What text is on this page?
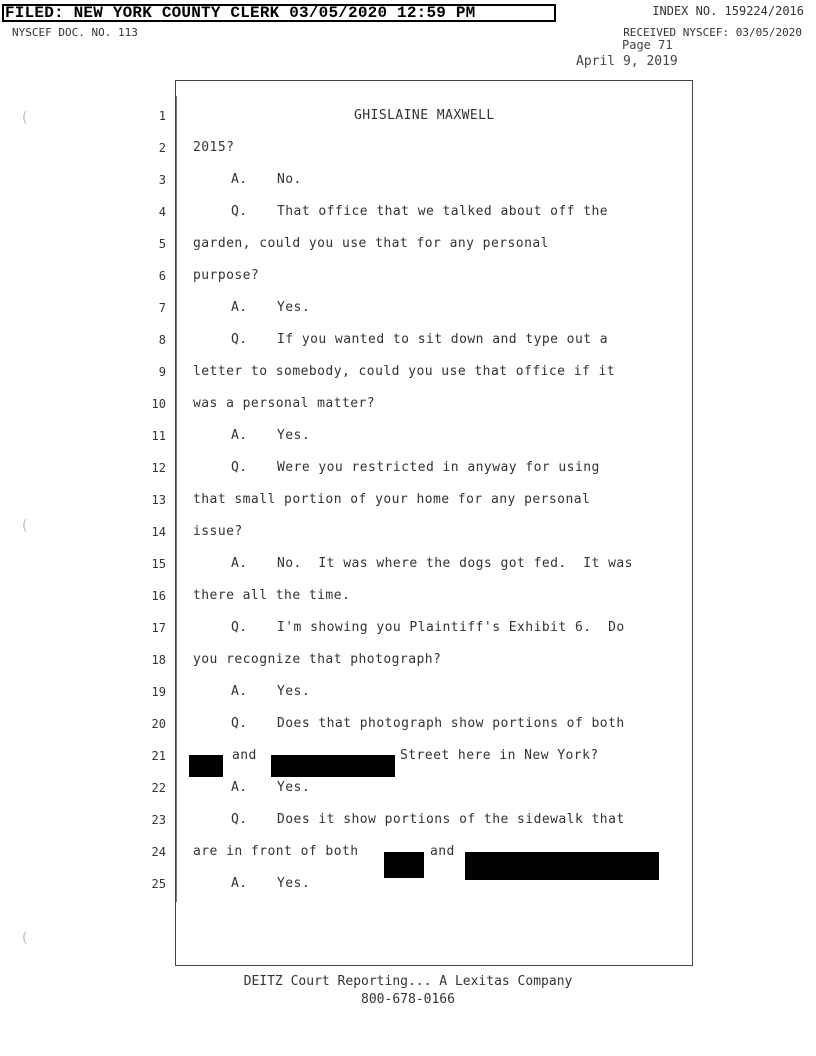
FILED: NEW YORK COUNTY CLERK 03/05/2020 12:59 PM	INDEX NO. 159224/2016
NYSCEF DOC. NO. 113	RECEIVED NYSCEF: 03/05/2020
Page 71
April 9, 2019
1	GHISLAINE MAXWELL
2 2015?
3	A. No.
4	Q. That office that we talked about off the
5 garden, could you use that for any personal
6 purpose?
7	A. Yes.
8	Q. If you wanted to sit down and type out a
9 letter to somebody, could you use that office if it
10 was a personal matter?
11	A. Yes.
12	Q. Were you restricted in anyway for using
13 that small portion of your home for any personal
14 issue?
15	A. No.  It was where the dogs got fed.  It was
16 there all the time.
17	Q. I'm showing you Plaintiff's Exhibit 6.  Do
18 you recognize that photograph?
19	A. Yes.
20	Q. Does that photograph show portions of both
21	and	Street here in New York?
22	A. Yes.
23	Q. Does it show portions of the sidewalk that
24 are in front of both	and
25	A. Yes.
DEITZ Court Reporting... A Lexitas Company
800-678-0166
(
(
(
